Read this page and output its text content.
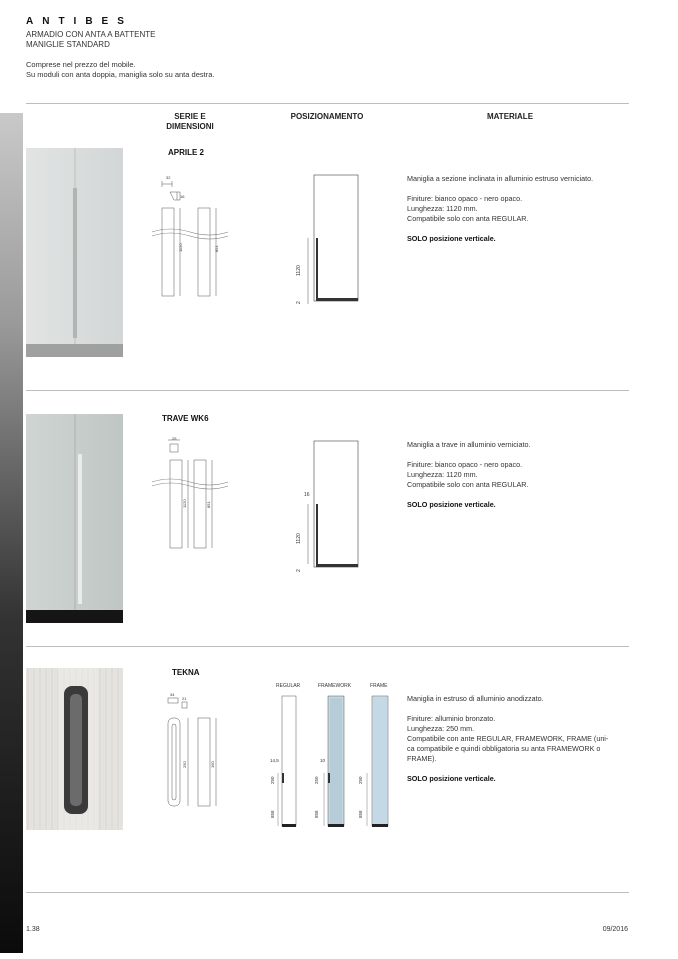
ANTIBES
ARMADIO CON ANTA A BATTENTE
MANIGLIE STANDARD
Comprese nel prezzo del mobile.
Su moduli con anta doppia, maniglia solo su anta destra.
SERIE E
DIMENSIONI
POSIZIONAMENTO	MATERIALE
APRILE 2
32
16
1120	851
1120
2

Maniglia a sezione inclinata in alluminio estruso verniciato.

Finiture: bianco opaco - nero opaco.
Lunghezza: 1120 mm.
Compatibile solo con anta REGULAR.

SOLO posizione verticale.

TRAVE WK6
25
1120	851
16
1120
2

Maniglia a trave in alluminio verniciato.

Finiture: bianco opaco - nero opaco.
Lunghezza: 1120 mm.
Compatibile solo con anta REGULAR.

SOLO posizione verticale.

TEKNA
34
21
250	160
REGULAR	FRAMEWORK	FRAME
14,5
250
858
10
250
858
250
858

Maniglia in estruso di alluminio anodizzato.

Finiture: alluminio bronzato.
Lunghezza: 250 mm.
Compatibile con ante REGULAR, FRAMEWORK, FRAME (uni-
ca compatibile e quindi obbligatoria su anta FRAMEWORK o
FRAME).

SOLO posizione verticale.

1.38	09/2016
